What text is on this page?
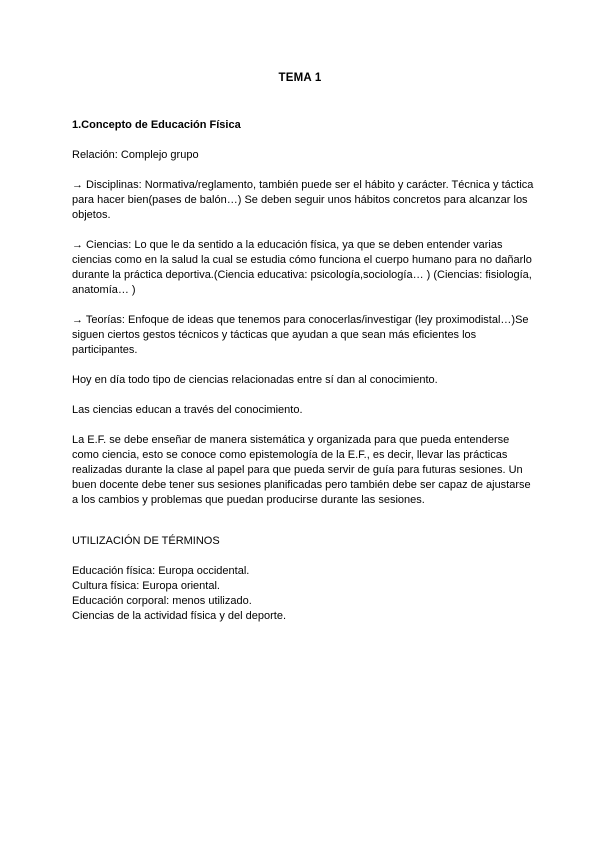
TEMA 1

1.Concepto de Educación Física

Relación: Complejo grupo

→ Disciplinas: Normativa/reglamento, también puede ser el hábito y carácter. Técnica y táctica para hacer bien(pases de balón…) Se deben seguir unos hábitos concretos para alcanzar los objetos.

→ Ciencias: Lo que le da sentido a la educación física, ya que se deben entender varias ciencias como en la salud la cual se estudia cómo funciona el cuerpo humano para no dañarlo durante la práctica deportiva.(Ciencia educativa: psicología,sociología… ) (Ciencias: fisiología, anatomía… )

→ Teorías: Enfoque de ideas que tenemos para conocerlas/investigar (ley proximodistal…)Se siguen ciertos gestos técnicos y tácticas que ayudan a que sean más eficientes los participantes.

Hoy en día todo tipo de ciencias relacionadas entre sí dan al conocimiento.

Las ciencias educan a través del conocimiento.

La E.F. se debe enseñar de manera sistemática y organizada para que pueda entenderse como ciencia, esto se conoce como epistemología de la E.F., es decir, llevar las prácticas realizadas durante la clase al papel para que pueda servir de guía para futuras sesiones. Un buen docente debe tener sus sesiones planificadas pero también debe ser capaz de ajustarse a los cambios y problemas que puedan producirse durante las sesiones.

UTILIZACIÓN DE TÉRMINOS

Educación física: Europa occidental.

Cultura física: Europa oriental.

Educación corporal: menos utilizado.

Ciencias de la actividad física y del deporte.
